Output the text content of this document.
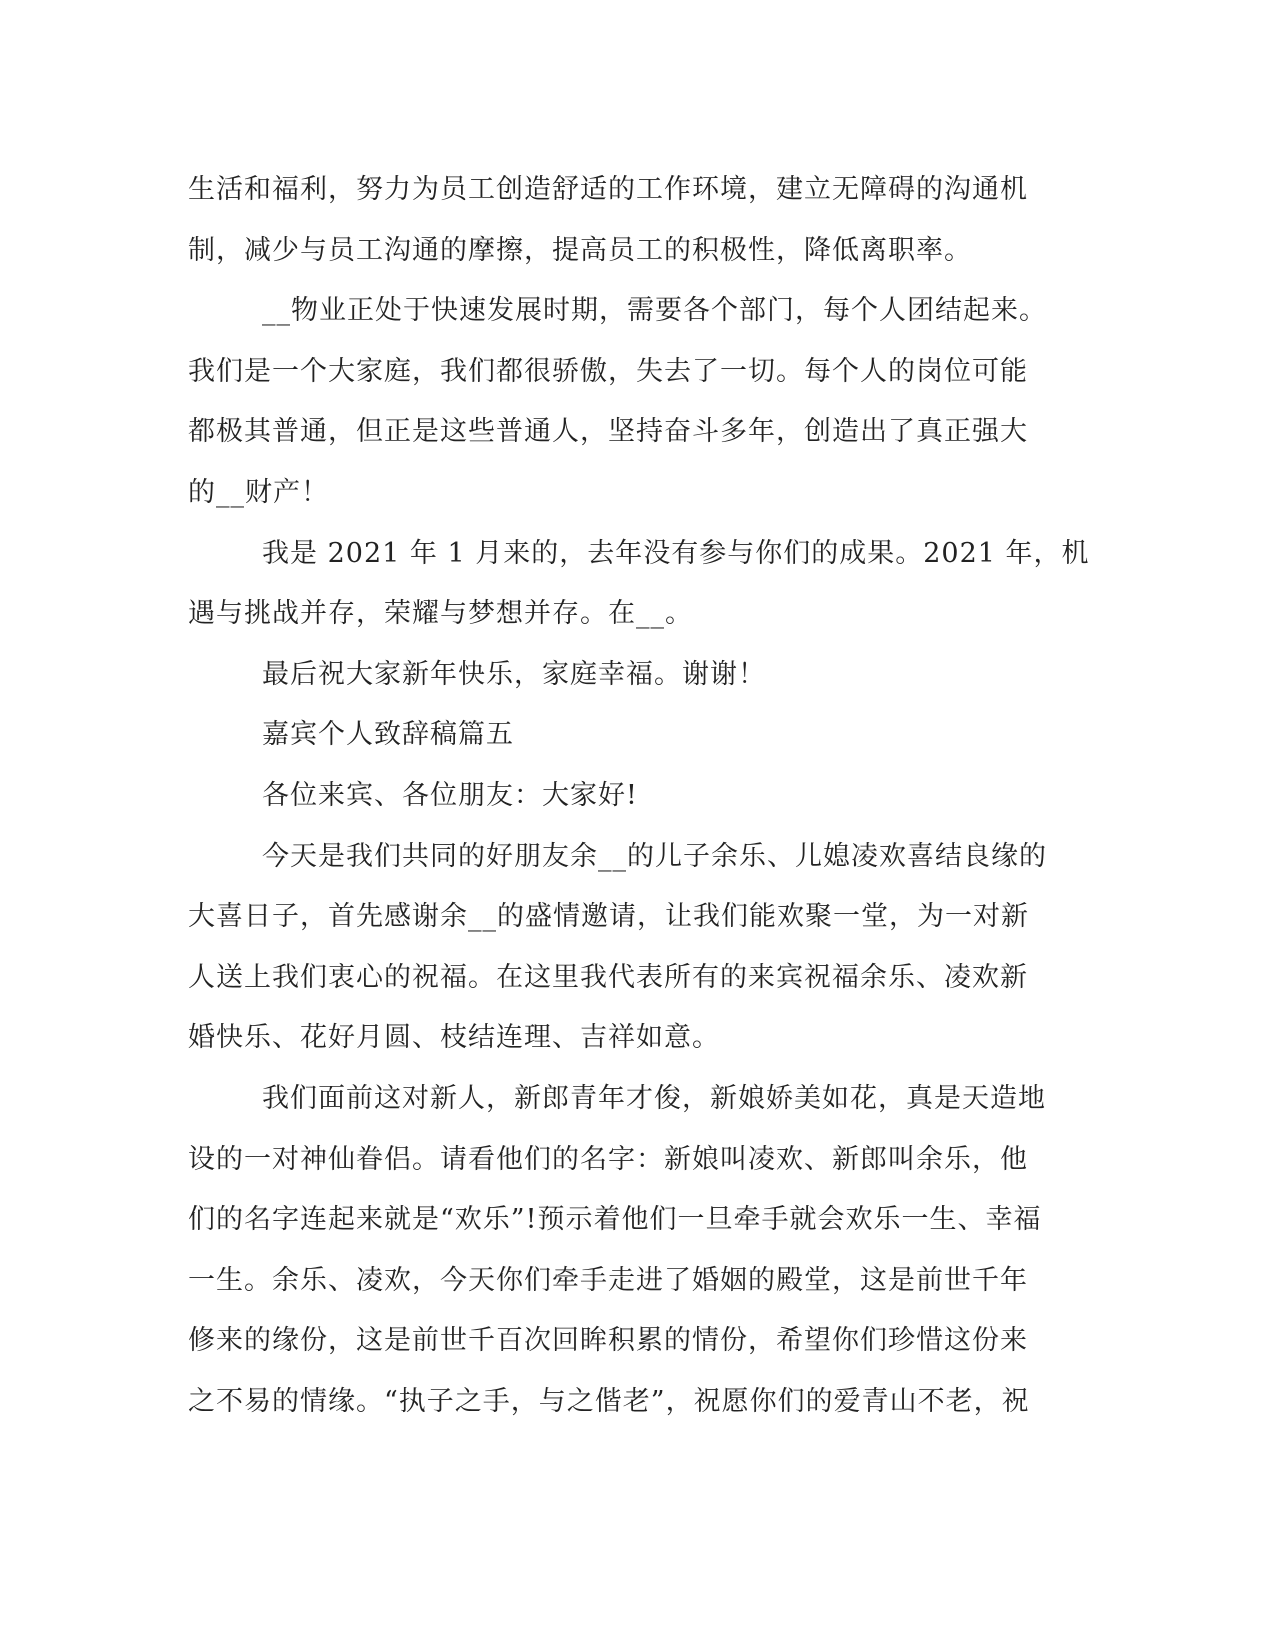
生活和福利，努力为员工创造舒适的工作环境，建立无障碍的沟通机
制，减少与员工沟通的摩擦，提高员工的积极性，降低离职率。
__物业正处于快速发展时期，需要各个部门，每个人团结起来。
我们是一个大家庭，我们都很骄傲，失去了一切。每个人的岗位可能
都极其普通，但正是这些普通人，坚持奋斗多年，创造出了真正强大
的__财产！
我是 2021 年 1 月来的，去年没有参与你们的成果。2021 年，机
遇与挑战并存，荣耀与梦想并存。在__。
最后祝大家新年快乐，家庭幸福。谢谢！
嘉宾个人致辞稿篇五
各位来宾、各位朋友：大家好!
今天是我们共同的好朋友余__的儿子余乐、儿媳凌欢喜结良缘的
大喜日子，首先感谢余__的盛情邀请，让我们能欢聚一堂，为一对新
人送上我们衷心的祝福。在这里我代表所有的来宾祝福余乐、凌欢新
婚快乐、花好月圆、枝结连理、吉祥如意。
我们面前这对新人，新郎青年才俊，新娘娇美如花，真是天造地
设的一对神仙眷侣。请看他们的名字：新娘叫凌欢、新郎叫余乐，他
们的名字连起来就是“欢乐”!预示着他们一旦牵手就会欢乐一生、幸福
一生。余乐、凌欢，今天你们牵手走进了婚姻的殿堂，这是前世千年
修来的缘份，这是前世千百次回眸积累的情份，希望你们珍惜这份来
之不易的情缘。“执子之手，与之偕老”，祝愿你们的爱青山不老，祝
